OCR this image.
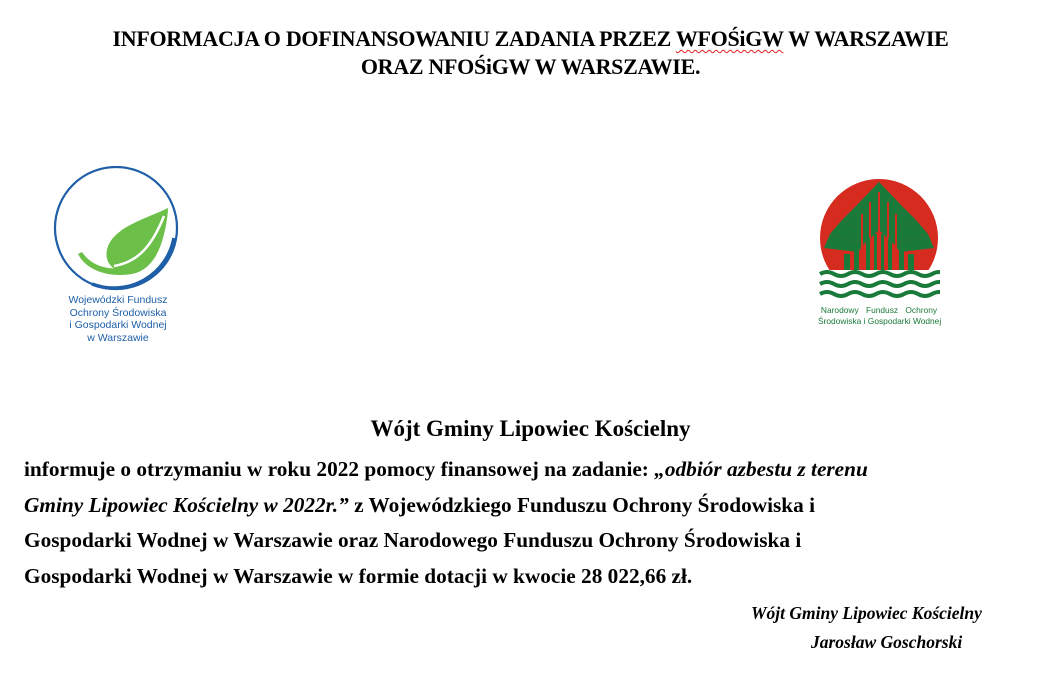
INFORMACJA O DOFINANSOWANIU ZADANIA PRZEZ WFOŚiGW W WARSZAWIE
ORAZ NFOŚiGW W WARSZAWIE.
Wojewódzki Fundusz
Ochrony Środowiska
i Gospodarki Wodnej
w Warszawie
Narodowy Fundusz Ochrony
Środowiska i Gospodarki Wodnej
Wójt Gminy Lipowiec Kościelny
informuje o otrzymaniu w roku 2022 pomocy finansowej na zadanie: „odbiór azbestu z terenu
Gminy Lipowiec Kościelny w 2022r.” z Wojewódzkiego Funduszu Ochrony Środowiska i
Gospodarki Wodnej w Warszawie oraz Narodowego Funduszu Ochrony Środowiska i
Gospodarki Wodnej w Warszawie w formie dotacji w kwocie 28 022,66 zł.
Wójt Gminy Lipowiec Kościelny
Jarosław Goschorski
